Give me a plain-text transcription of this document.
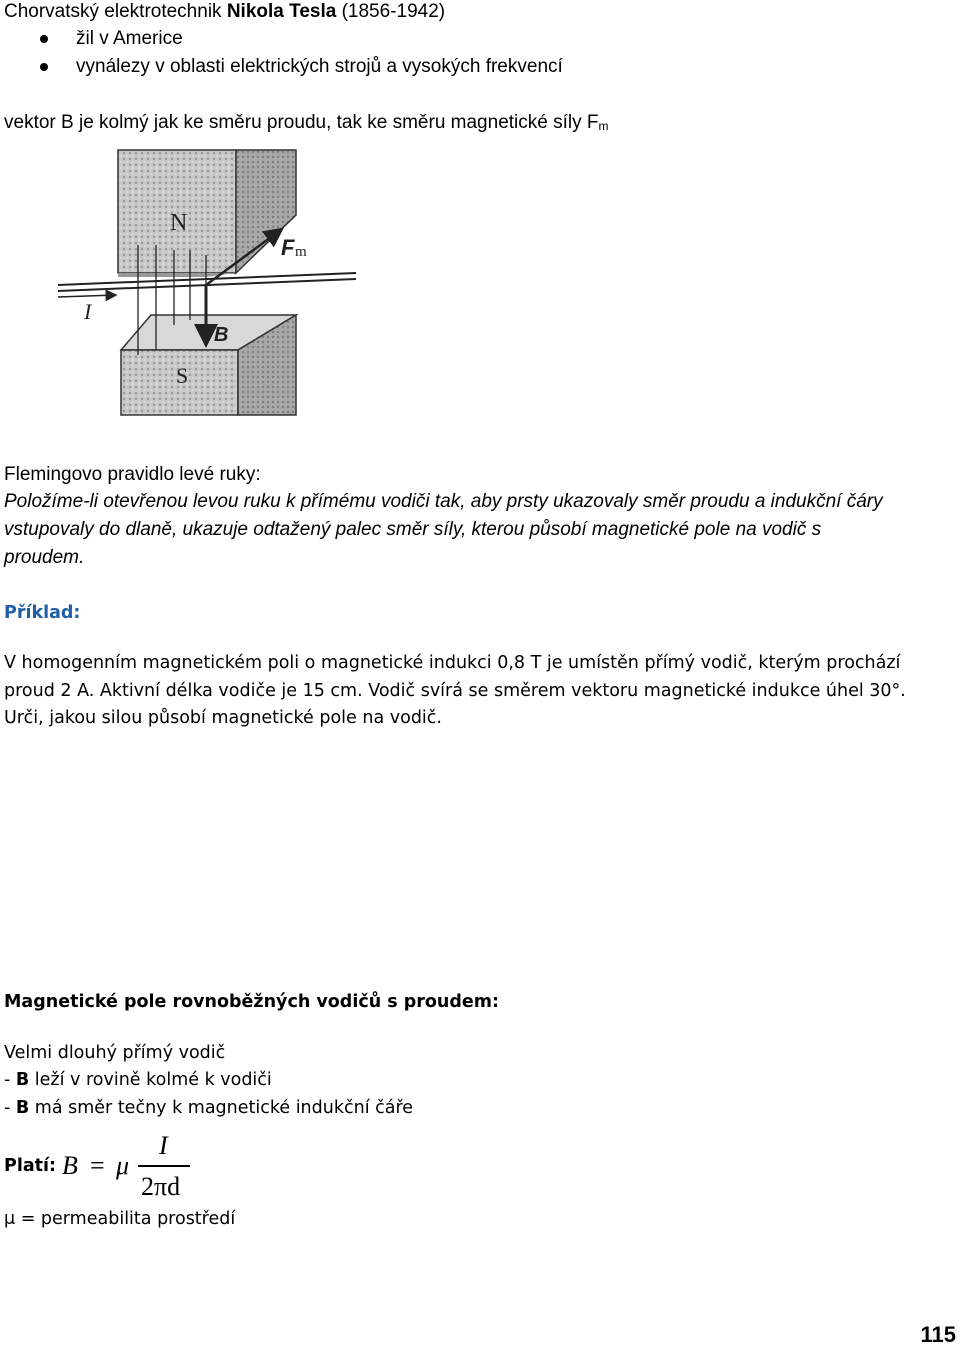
Chorvatský elektrotechnik Nikola Tesla (1856-1942)
žil v Americe
vynálezy v oblasti elektrických strojů a vysokých frekvencí
vektor B je kolmý jak ke směru proudu, tak ke směru magnetické síly $F_m$
N
S
F m
I
B
Flemingovo pravidlo levé ruky:
Položíme-li otevřenou levou ruku k přímému vodiči tak, aby prsty ukazovaly směr proudu a indukční čáry
vstupovaly do dlaně, ukazuje odtažený palec směr síly, kterou působí magnetické pole na vodič s
proudem.
Příklad:
V homogenním magnetickém poli o magnetické indukci 0,8 T je umístěn přímý vodič, kterým prochází
proud 2 A. Aktivní délka vodiče je 15 cm. Vodič svírá se směrem vektoru magnetické indukce úhel 30°.
Urči, jakou silou působí magnetické pole na vodič.
Magnetické pole rovnoběžných vodičů s proudem:
Velmi dlouhý přímý vodič
- B leží v rovině kolmé k vodiči
- B má směr tečny k magnetické indukční čáře
Platí: B = μ
I
2πd
μ = permeabilita prostředí
115
